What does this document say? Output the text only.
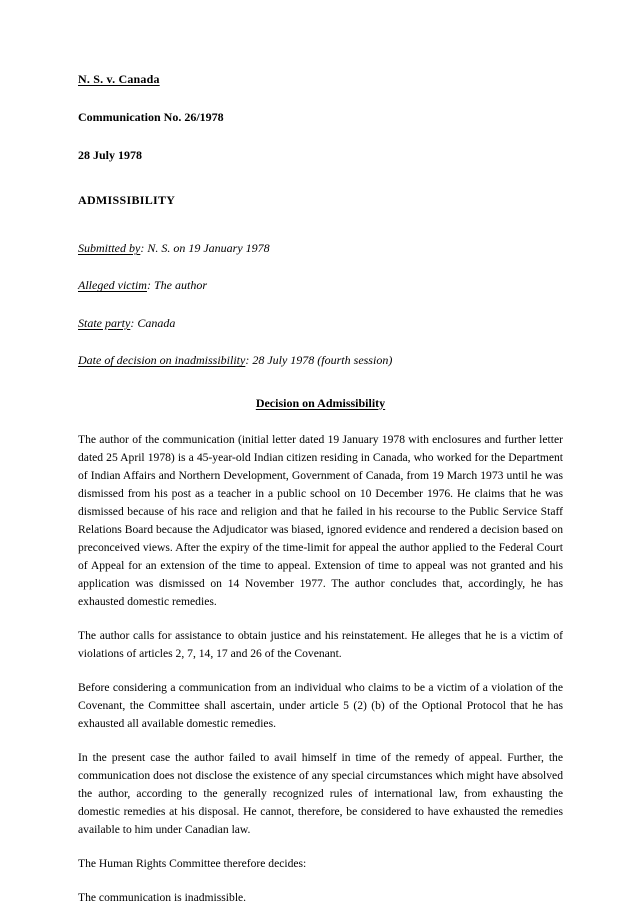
N. S. v. Canada
Communication No. 26/1978
28 July 1978
ADMISSIBILITY
Submitted by: N. S. on 19 January 1978
Alleged victim: The author
State party: Canada
Date of decision on inadmissibility: 28 July 1978 (fourth session)
Decision on Admissibility

The author of the communication (initial letter dated 19 January 1978 with enclosures and further letter dated 25 April 1978) is a 45-year-old Indian citizen residing in Canada, who worked for the Department of Indian Affairs and Northern Development, Government of Canada, from 19 March 1973 until he was dismissed from his post as a teacher in a public school on 10 December 1976. He claims that he was dismissed because of his race and religion and that he failed in his recourse to the Public Service Staff Relations Board because the Adjudicator was biased, ignored evidence and rendered a decision based on preconceived views. After the expiry of the time-limit for appeal the author applied to the Federal Court of Appeal for an extension of the time to appeal. Extension of time to appeal was not granted and his application was dismissed on 14 November 1977. The author concludes that, accordingly, he has exhausted domestic remedies.

The author calls for assistance to obtain justice and his reinstatement. He alleges that he is a victim of violations of articles 2, 7, 14, 17 and 26 of the Covenant.

Before considering a communication from an individual who claims to be a victim of a violation of the Covenant, the Committee shall ascertain, under article 5 (2) (b) of the Optional Protocol that he has exhausted all available domestic remedies.

In the present case the author failed to avail himself in time of the remedy of appeal. Further, the communication does not disclose the existence of any special circumstances which might have absolved the author, according to the generally recognized rules of international law, from exhausting the domestic remedies at his disposal. He cannot, therefore, be considered to have exhausted the remedies available to him under Canadian law.

The Human Rights Committee therefore decides:

The communication is inadmissible.
